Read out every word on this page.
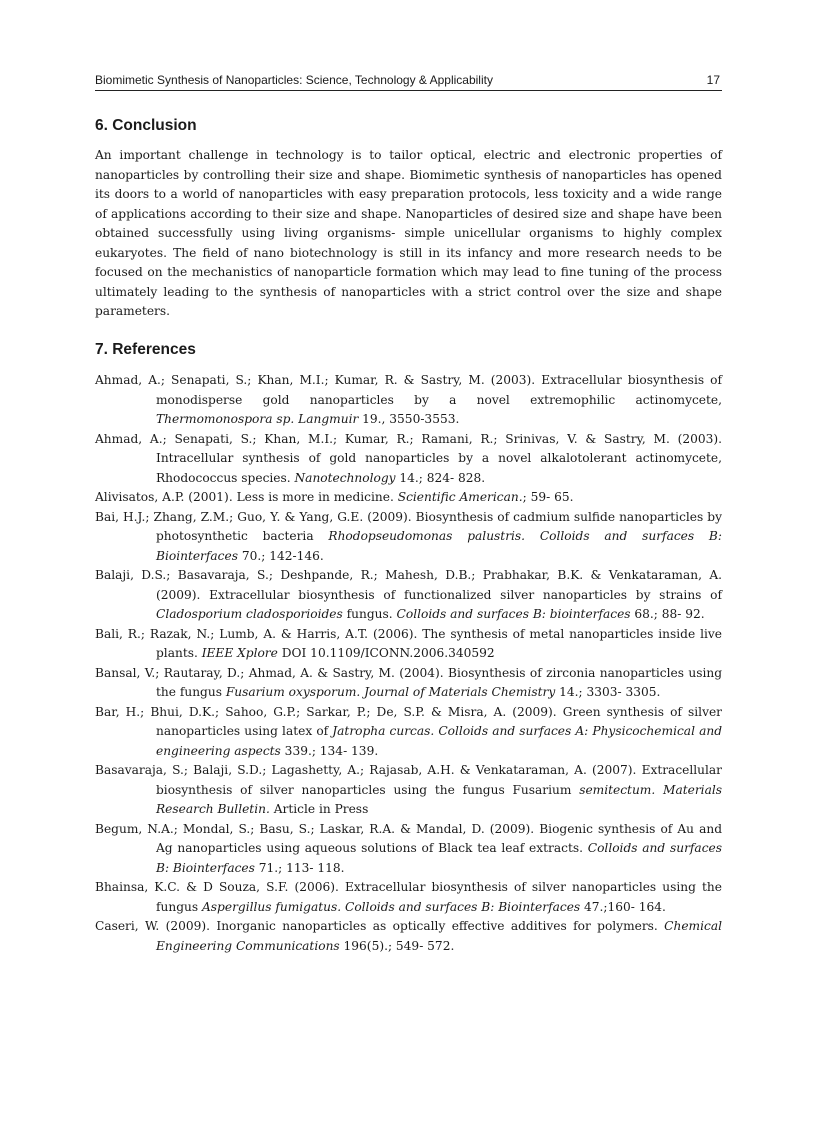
Biomimetic Synthesis of Nanoparticles: Science, Technology & Applicability	17
6. Conclusion

An important challenge in technology is to tailor optical, electric and electronic properties of nanoparticles by controlling their size and shape. Biomimetic synthesis of nanoparticles has opened its doors to a world of nanoparticles with easy preparation protocols, less toxicity and a wide range of applications according to their size and shape. Nanoparticles of desired size and shape have been obtained successfully using living organisms- simple unicellular organisms to highly complex eukaryotes. The field of nano biotechnology is still in its infancy and more research needs to be focused on the mechanistics of nanoparticle formation which may lead to fine tuning of the process ultimately leading to the synthesis of nanoparticles with a strict control over the size and shape parameters.

7. References
Ahmad, A.; Senapati, S.; Khan, M.I.; Kumar, R. & Sastry, M. (2003). Extracellular biosynthesis of monodisperse gold nanoparticles by a novel extremophilic actinomycete, Thermomonospora sp. Langmuir 19., 3550-3553.
Ahmad, A.; Senapati, S.; Khan, M.I.; Kumar, R.; Ramani, R.; Srinivas, V. & Sastry, M. (2003). Intracellular synthesis of gold nanoparticles by a novel alkalotolerant actinomycete, Rhodococcus species. Nanotechnology 14.; 824- 828.
Alivisatos, A.P. (2001). Less is more in medicine. Scientific American.; 59- 65.
Bai, H.J.; Zhang, Z.M.; Guo, Y. & Yang, G.E. (2009). Biosynthesis of cadmium sulfide nanoparticles by photosynthetic bacteria Rhodopseudomonas palustris. Colloids and surfaces B: Biointerfaces 70.; 142-146.
Balaji, D.S.; Basavaraja, S.; Deshpande, R.; Mahesh, D.B.; Prabhakar, B.K. & Venkataraman, A. (2009). Extracellular biosynthesis of functionalized silver nanoparticles by strains of Cladosporium cladosporioides fungus. Colloids and surfaces B: biointerfaces 68.; 88- 92.
Bali, R.; Razak, N.; Lumb, A. & Harris, A.T. (2006). The synthesis of metal nanoparticles inside live plants. IEEE Xplore DOI 10.1109/ICONN.2006.340592
Bansal, V.; Rautaray, D.; Ahmad, A. & Sastry, M. (2004). Biosynthesis of zirconia nanoparticles using the fungus Fusarium oxysporum. Journal of Materials Chemistry 14.; 3303- 3305.
Bar, H.; Bhui, D.K.; Sahoo, G.P.; Sarkar, P.; De, S.P. & Misra, A. (2009). Green synthesis of silver nanoparticles using latex of Jatropha curcas. Colloids and surfaces A: Physicochemical and engineering aspects 339.; 134- 139.
Basavaraja, S.; Balaji, S.D.; Lagashetty, A.; Rajasab, A.H. & Venkataraman, A. (2007). Extracellular biosynthesis of silver nanoparticles using the fungus Fusarium semitectum. Materials Research Bulletin. Article in Press
Begum, N.A.; Mondal, S.; Basu, S.; Laskar, R.A. & Mandal, D. (2009). Biogenic synthesis of Au and Ag nanoparticles using aqueous solutions of Black tea leaf extracts. Colloids and surfaces B: Biointerfaces 71.; 113- 118.
Bhainsa, K.C. & D Souza, S.F. (2006). Extracellular biosynthesis of silver nanoparticles using the fungus Aspergillus fumigatus. Colloids and surfaces B: Biointerfaces 47.;160- 164.
Caseri, W. (2009). Inorganic nanoparticles as optically effective additives for polymers. Chemical Engineering Communications 196(5).; 549- 572.
